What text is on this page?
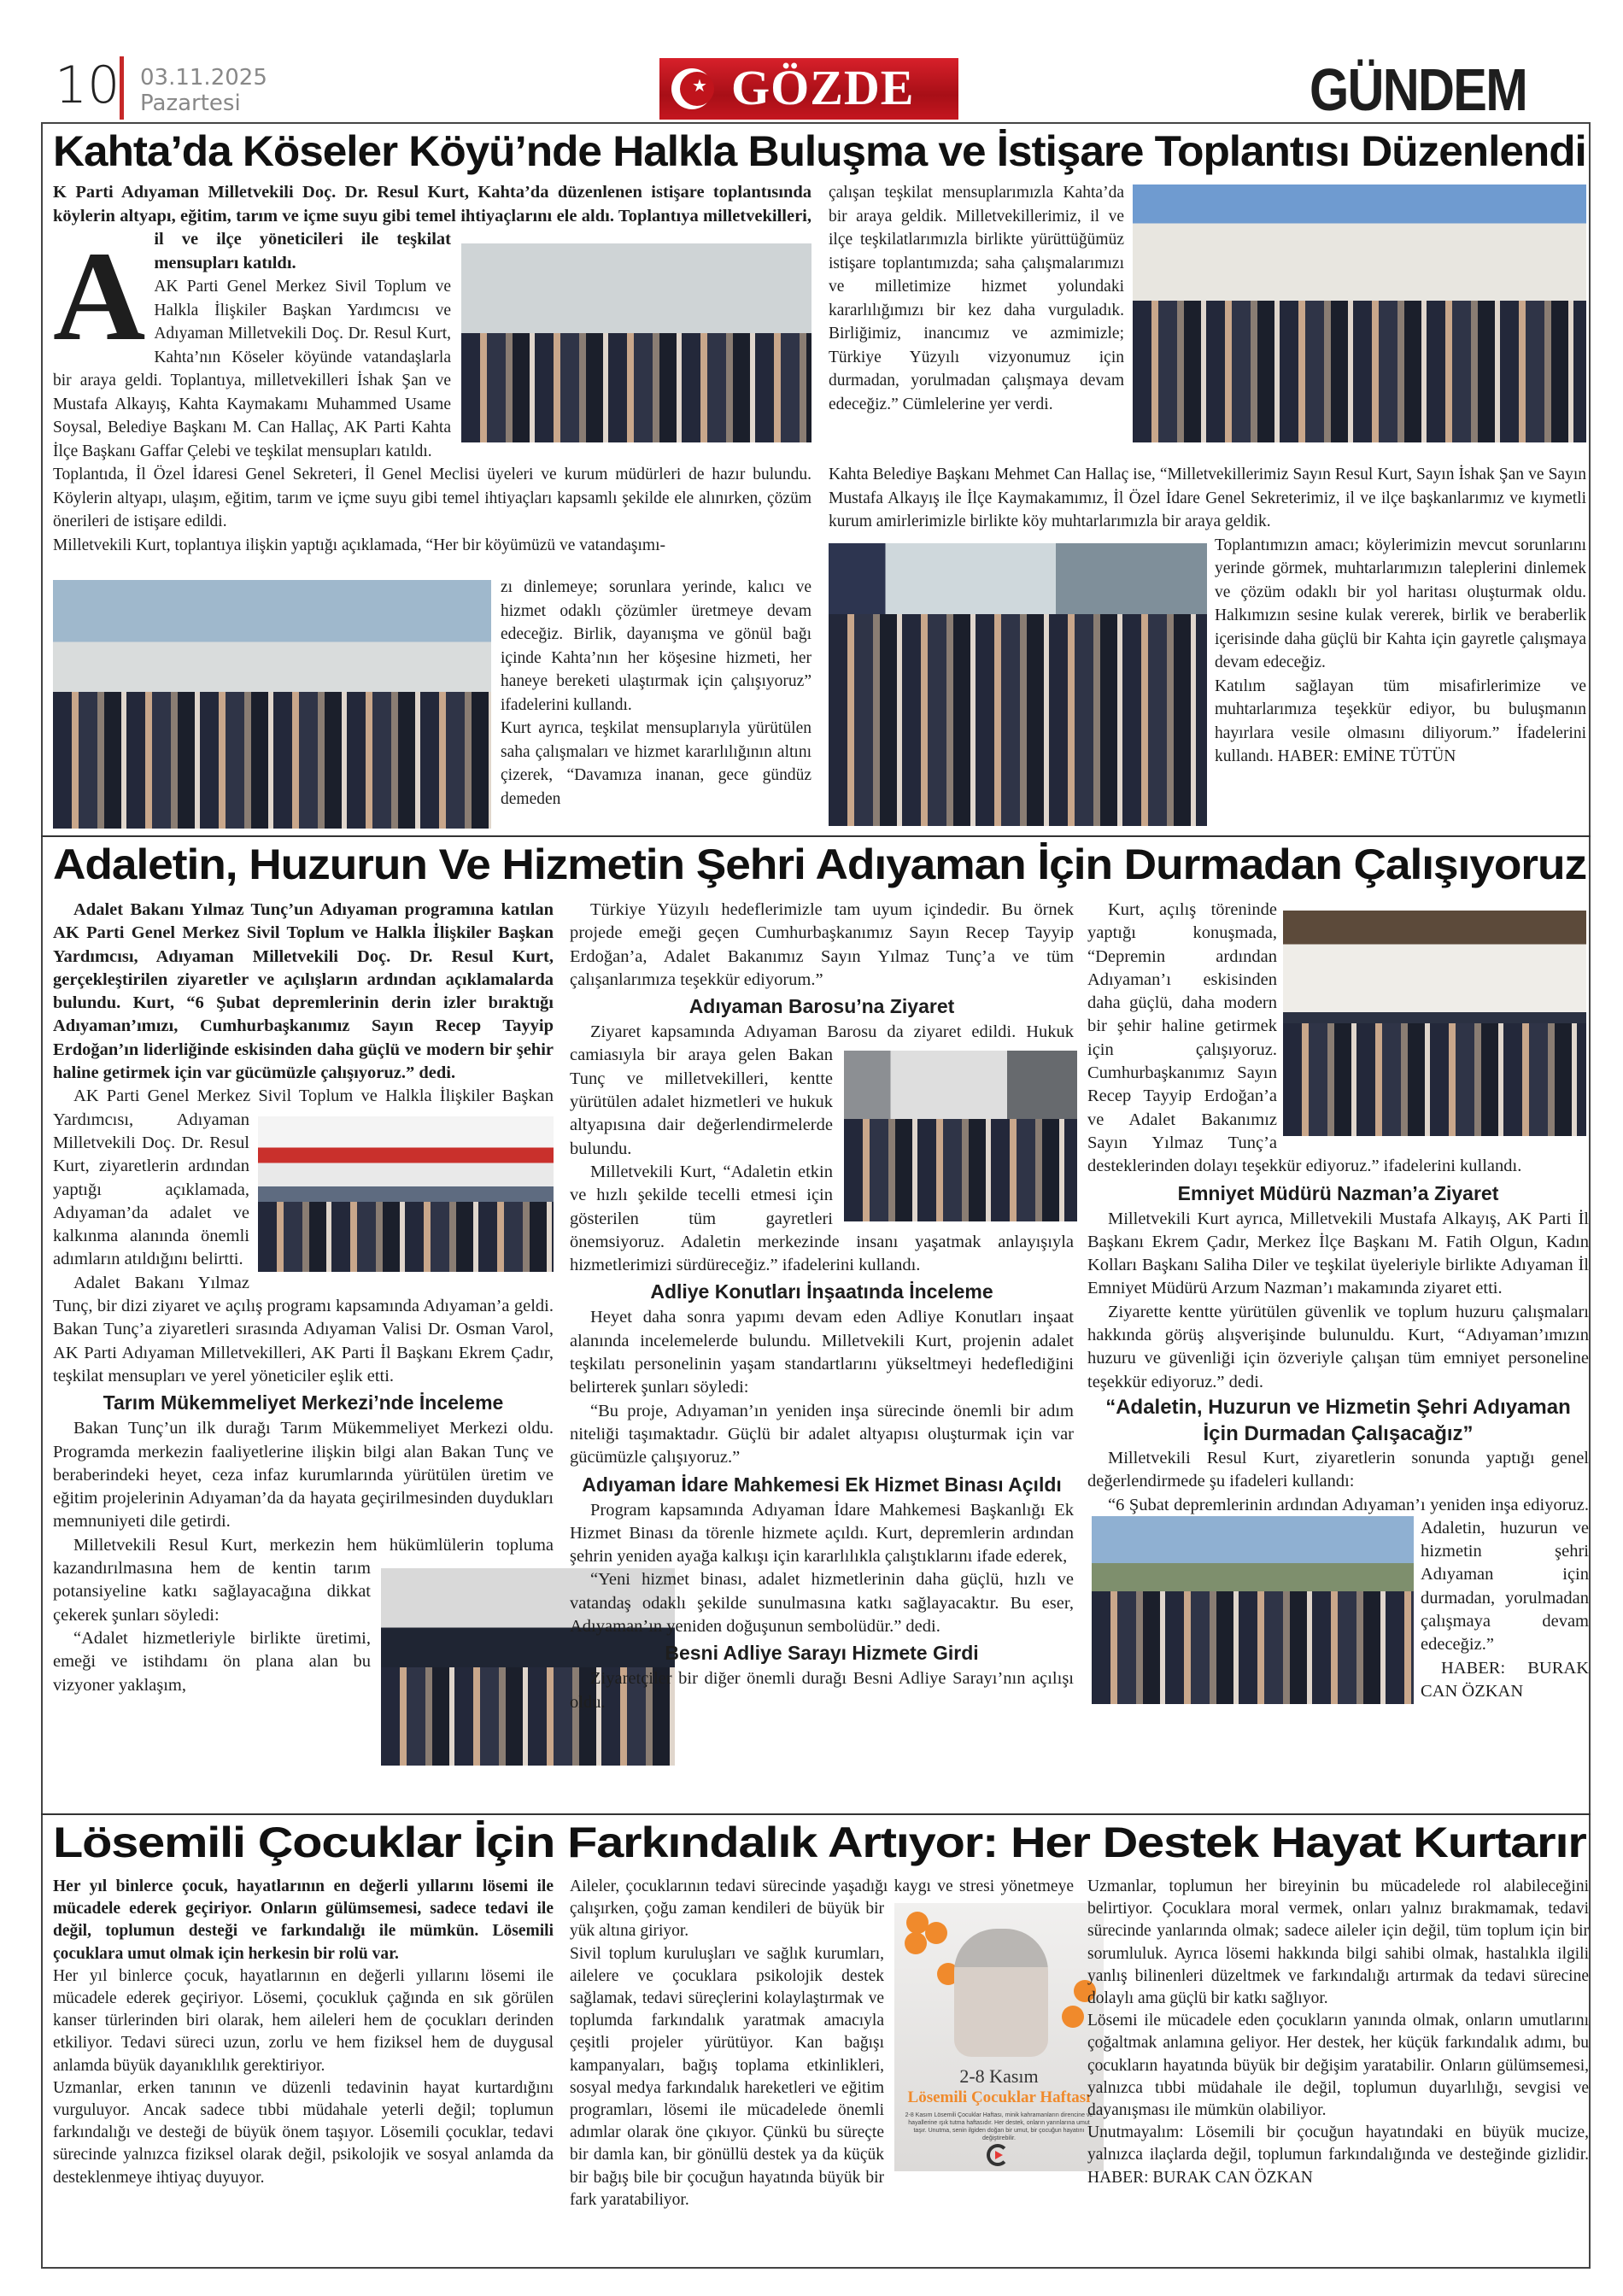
10 03.11.2025
Pazartesi
★ GÖZDE	GÜNDEM
Kahta’da Köseler Köyü’nde Halkla Buluşma ve İstişare Toplantısı Düzenlendi
A

K Parti Adıyaman Milletvekili Doç. Dr. Resul Kurt, Kahta’da düzenlenen istişare toplantısında köylerin altyapı, eğitim, tarım ve içme suyu gibi temel ihtiyaçlarını ele aldı. Toplantıya milletvekilleri, il ve ilçe yöneticileri ile teşkilat mensupları katıldı.

AK Parti Genel Merkez Sivil Toplum ve Halkla İlişkiler Başkan Yardımcısı ve Adıyaman Milletvekili Doç. Dr. Resul Kurt, Kahta’nın Köseler köyünde vatandaşlarla bir araya geldi. Toplantıya, milletvekilleri İshak Şan ve Mustafa Alkayış, Kahta Kaymakamı Muhammed Usame Soysal, Belediye Başkanı M. Can Hallaç, AK Parti Kahta İlçe Başkanı Gaffar Çelebi ve teşkilat mensupları katıldı.

Toplantıda, İl Özel İdaresi Genel Sekreteri, İl Genel Meclisi üyeleri ve kurum müdürleri de hazır bulundu. Köylerin altyapı, ulaşım, eğitim, tarım ve içme suyu gibi temel ihtiyaçları kapsamlı şekilde ele alınırken, çözüm önerileri de istişare edildi.

Milletvekili Kurt, toplantıya ilişkin yaptığı açıklamada, “Her bir köyümüzü ve vatandaşımı-

zı dinlemeye; sorunlara yerinde, kalıcı ve hizmet odaklı çözümler üretmeye devam edeceğiz. Birlik, dayanışma ve gönül bağı içinde Kahta’nın her köşesine hizmeti, her haneye bereketi ulaştırmak için çalışıyoruz” ifadelerini kullandı.

Kurt ayrıca, teşkilat mensuplarıyla yürütülen saha çalışmaları ve hizmet kararlılığının altını çizerek, “Davamıza inanan, gece gündüz demeden

çalışan teşkilat mensuplarımızla Kahta’da bir araya geldik. Milletvekillerimiz, il ve ilçe teşkilatlarımızla birlikte yürüttüğümüz istişare toplantımızda; saha çalışmalarımızı ve milletimize hizmet yolundaki kararlılığımızı bir kez daha vurguladık. Birliğimiz, inancımız ve azmimizle; Türkiye Yüzyılı vizyonumuz için durmadan, yorulmadan çalışmaya devam edeceğiz.” Cümlelerine yer verdi.

Kahta Belediye Başkanı Mehmet Can Hallaç ise, “Milletvekillerimiz Sayın Resul Kurt, Sayın İshak Şan ve Sayın Mustafa Alkayış ile İlçe Kaymakamımız, İl Özel İdare Genel Sekreterimiz, il ve ilçe başkanlarımız ve kıymetli kurum amirlerimizle birlikte köy muhtarlarımızla bir araya geldik.

Toplantımızın amacı; köylerimizin mevcut sorunlarını yerinde görmek, muhtarlarımızın taleplerini dinlemek ve çözüm odaklı bir yol haritası oluşturmak oldu. Halkımızın sesine kulak vererek, birlik ve beraberlik içerisinde daha güçlü bir Kahta için gayretle çalışmaya devam edeceğiz.

Katılım sağlayan tüm misafirlerimize ve muhtarlarımıza teşekkür ediyor, bu buluşmanın hayırlara vesile olmasını diliyorum.” İfadelerini kullandı. HABER: EMİNE TÜTÜN

Adaletin, Huzurun Ve Hizmetin Şehri Adıyaman İçin Durmadan Çalışıyoruz

Adalet Bakanı Yılmaz Tunç’un Adıyaman programına katılan AK Parti Genel Merkez Sivil Toplum ve Halkla İlişkiler Başkan Yardımcısı, Adıyaman Milletvekili Doç. Dr. Resul Kurt, gerçekleştirilen ziyaretler ve açılışların ardından açıklamalarda bulundu. Kurt, “6 Şubat depremlerinin derin izler bıraktığı Adıyaman’ımızı, Cumhurbaşkanımız Sayın Recep Tayyip Erdoğan’ın liderliğinde eskisinden daha güçlü ve modern bir şehir haline getirmek için var gücümüzle çalışıyoruz.” dedi.

AK Parti Genel Merkez Sivil Toplum ve Halkla İlişkiler Başkan Yardımcısı, Adıyaman Milletvekili Doç. Dr. Resul Kurt, ziyaretlerin ardından yaptığı açıklamada, Adıyaman’da adalet ve kalkınma alanında önemli adımların atıldığını belirtti.

Adalet Bakanı Yılmaz Tunç, bir dizi ziyaret ve açılış programı kapsamında Adıyaman’a geldi. Bakan Tunç’a ziyaretleri sırasında Adıyaman Valisi Dr. Osman Varol, AK Parti Adıyaman Milletvekilleri, AK Parti İl Başkanı Ekrem Çadır, teşkilat mensupları ve yerel yöneticiler eşlik etti.

Tarım Mükemmeliyet Merkezi’nde İnceleme

Bakan Tunç’un ilk durağı Tarım Mükemmeliyet Merkezi oldu. Programda merkezin faaliyetlerine ilişkin bilgi alan Bakan Tunç ve beraberindeki heyet, ceza infaz kurumlarında yürütülen üretim ve eğitim projelerinin Adıyaman’da da hayata geçirilmesinden duydukları memnuniyeti dile getirdi.

Milletvekili Resul Kurt, merkezin hem hükümlülerin topluma kazandırılmasına hem de kentin tarım potansiyeline katkı sağlayacağına dikkat çekerek şunları söyledi:

“Adalet hizmetleriyle birlikte üretimi, emeği ve istihdamı ön plana alan bu vizyoner yaklaşım,

Türkiye Yüzyılı hedeflerimizle tam uyum içindedir. Bu örnek projede emeği geçen Cumhurbaşkanımız Sayın Recep Tayyip Erdoğan’a, Adalet Bakanımız Sayın Yılmaz Tunç’a ve tüm çalışanlarımıza teşekkür ediyorum.”

Adıyaman Barosu’na Ziyaret

Ziyaret kapsamında Adıyaman Barosu da ziyaret edildi. Hukuk camiasıyla bir araya gelen Bakan Tunç ve milletvekilleri, kentte yürütülen adalet hizmetleri ve hukuk altyapısına dair değerlendirmelerde bulundu.

Milletvekili Kurt, “Adaletin etkin ve hızlı şekilde tecelli etmesi için gösterilen tüm gayretleri önemsiyoruz. Adaletin merkezinde insanı yaşatmak anlayışıyla hizmetlerimizi sürdüreceğiz.” ifadelerini kullandı.

Adliye Konutları İnşaatında İnceleme

Heyet daha sonra yapımı devam eden Adliye Konutları inşaat alanında incelemelerde bulundu. Milletvekili Kurt, projenin adalet teşkilatı personelinin yaşam standartlarını yükseltmeyi hedeflediğini belirterek şunları söyledi:

“Bu proje, Adıyaman’ın yeniden inşa sürecinde önemli bir adım niteliği taşımaktadır. Güçlü bir adalet altyapısı oluşturmak için var gücümüzle çalışıyoruz.”

Adıyaman İdare Mahkemesi Ek Hizmet Binası Açıldı

Program kapsamında Adıyaman İdare Mahkemesi Başkanlığı Ek Hizmet Binası da törenle hizmete açıldı. Kurt, depremlerin ardından şehrin yeniden ayağa kalkışı için kararlılıkla çalıştıklarını ifade ederek,

“Yeni hizmet binası, adalet hizmetlerinin daha güçlü, hızlı ve vatandaş odaklı şekilde sunulmasına katkı sağlayacaktır. Bu eser, Adıyaman’ın yeniden doğuşunun sembolüdür.” dedi.

Besni Adliye Sarayı Hizmete Girdi

Ziyaretçiler bir diğer önemli durağı Besni Adliye Sarayı’nın açılışı oldu.

Kurt, açılış töreninde yaptığı konuşmada, “Depremin ardından Adıyaman’ı eskisinden daha güçlü, daha modern bir şehir haline getirmek için çalışıyoruz. Cumhurbaşkanımız Sayın Recep Tayyip Erdoğan’a ve Adalet Bakanımız Sayın Yılmaz Tunç’a desteklerinden dolayı teşekkür ediyoruz.” ifadelerini kullandı.

Emniyet Müdürü Nazman’a Ziyaret

Milletvekili Kurt ayrıca, Milletvekili Mustafa Alkayış, AK Parti İl Başkanı Ekrem Çadır, Merkez İlçe Başkanı M. Fatih Olgun, Kadın Kolları Başkanı Saliha Diler ve teşkilat üyeleriyle birlikte Adıyaman İl Emniyet Müdürü Arzum Nazman’ı makamında ziyaret etti.

Ziyarette kentte yürütülen güvenlik ve toplum huzuru çalışmaları hakkında görüş alışverişinde bulunuldu. Kurt, “Adıyaman’ımızın huzuru ve güvenliği için özveriyle çalışan tüm emniyet personeline teşekkür ediyoruz.” dedi.

“Adaletin, Huzurun ve Hizmetin Şehri Adıyaman İçin Durmadan Çalışacağız”

Milletvekili Resul Kurt, ziyaretlerin sonunda yaptığı genel değerlendirmede şu ifadeleri kullandı:

“6 Şubat depremlerinin ardından Adıyaman’ı yeniden inşa ediyoruz. Adaletin, huzurun ve hizmetin şehri Adıyaman için durmadan, yorulmadan çalışmaya devam edeceğiz.”

HABER: BURAK CAN ÖZKAN

Lösemili Çocuklar İçin Farkındalık Artıyor: Her Destek Hayat Kurtarır
2-8 Kasım
Lösemili Çocuklar Haftası
2-8 Kasım Lösemili Çocuklar Haftası, minik kahramanların direncine ve hayallerine ışık tutma haftasıdır. Her destek, onların yarınlarına umut taşır. Unutma, senin ilgiden doğan bir umut, bir çocuğun hayatını değiştirebilir.

Her yıl binlerce çocuk, hayatlarının en değerli yıllarını lösemi ile mücadele ederek geçiriyor. Onların gülümsemesi, sadece tedavi ile değil, toplumun desteği ve farkındalığı ile mümkün. Lösemili çocuklara umut olmak için herkesin bir rolü var.

Her yıl binlerce çocuk, hayatlarının en değerli yıllarını lösemi ile mücadele ederek geçiriyor. Lösemi, çocukluk çağında en sık görülen kanser türlerinden biri olarak, hem aileleri hem de çocukları derinden etkiliyor. Tedavi süreci uzun, zorlu ve hem fiziksel hem de duygusal anlamda büyük dayanıklılık gerektiriyor.

Uzmanlar, erken tanının ve düzenli tedavinin hayat kurtardığını vurguluyor. Ancak sadece tıbbi müdahale yeterli değil; toplumun farkındalığı ve desteği de büyük önem taşıyor. Lösemili çocuklar, tedavi sürecinde yalnızca fiziksel olarak değil, psikolojik ve sosyal anlamda da desteklenmeye ihtiyaç duyuyor.

Aileler, çocuklarının tedavi sürecinde yaşadığı kaygı ve stresi yönetmeye çalışırken, çoğu zaman kendileri de büyük bir yük altına giriyor.

Sivil toplum kuruluşları ve sağlık kurumları, ailelere ve çocuklara psikolojik destek sağlamak, tedavi süreçlerini kolaylaştırmak ve toplumda farkındalık yaratmak amacıyla çeşitli projeler yürütüyor. Kan bağışı kampanyaları, bağış toplama etkinlikleri, sosyal medya farkındalık hareketleri ve eğitim programları, lösemi ile mücadelede önemli adımlar olarak öne çıkıyor. Çünkü bu süreçte bir damla kan, bir gönüllü destek ya da küçük bir bağış bile bir çocuğun hayatında büyük bir fark yaratabiliyor.

Uzmanlar, toplumun her bireyinin bu mücadelede rol alabileceğini belirtiyor. Çocuklara moral vermek, onları yalnız bırakmamak, tedavi sürecinde yanlarında olmak; sadece aileler için değil, tüm toplum için bir sorumluluk. Ayrıca lösemi hakkında bilgi sahibi olmak, hastalıkla ilgili yanlış bilinenleri düzeltmek ve farkındalığı artırmak da tedavi sürecine dolaylı ama güçlü bir katkı sağlıyor.

Lösemi ile mücadele eden çocukların yanında olmak, onların umutlarını çoğaltmak anlamına geliyor. Her destek, her küçük farkındalık adımı, bu çocukların hayatında büyük bir değişim yaratabilir. Onların gülümsemesi, yalnızca tıbbi müdahale ile değil, toplumun duyarlılığı, sevgisi ve dayanışması ile mümkün olabiliyor.

Unutmayalım: Lösemili bir çocuğun hayatındaki en büyük mucize, yalnızca ilaçlarda değil, toplumun farkındalığında ve desteğinde gizlidir. HABER: BURAK CAN ÖZKAN
